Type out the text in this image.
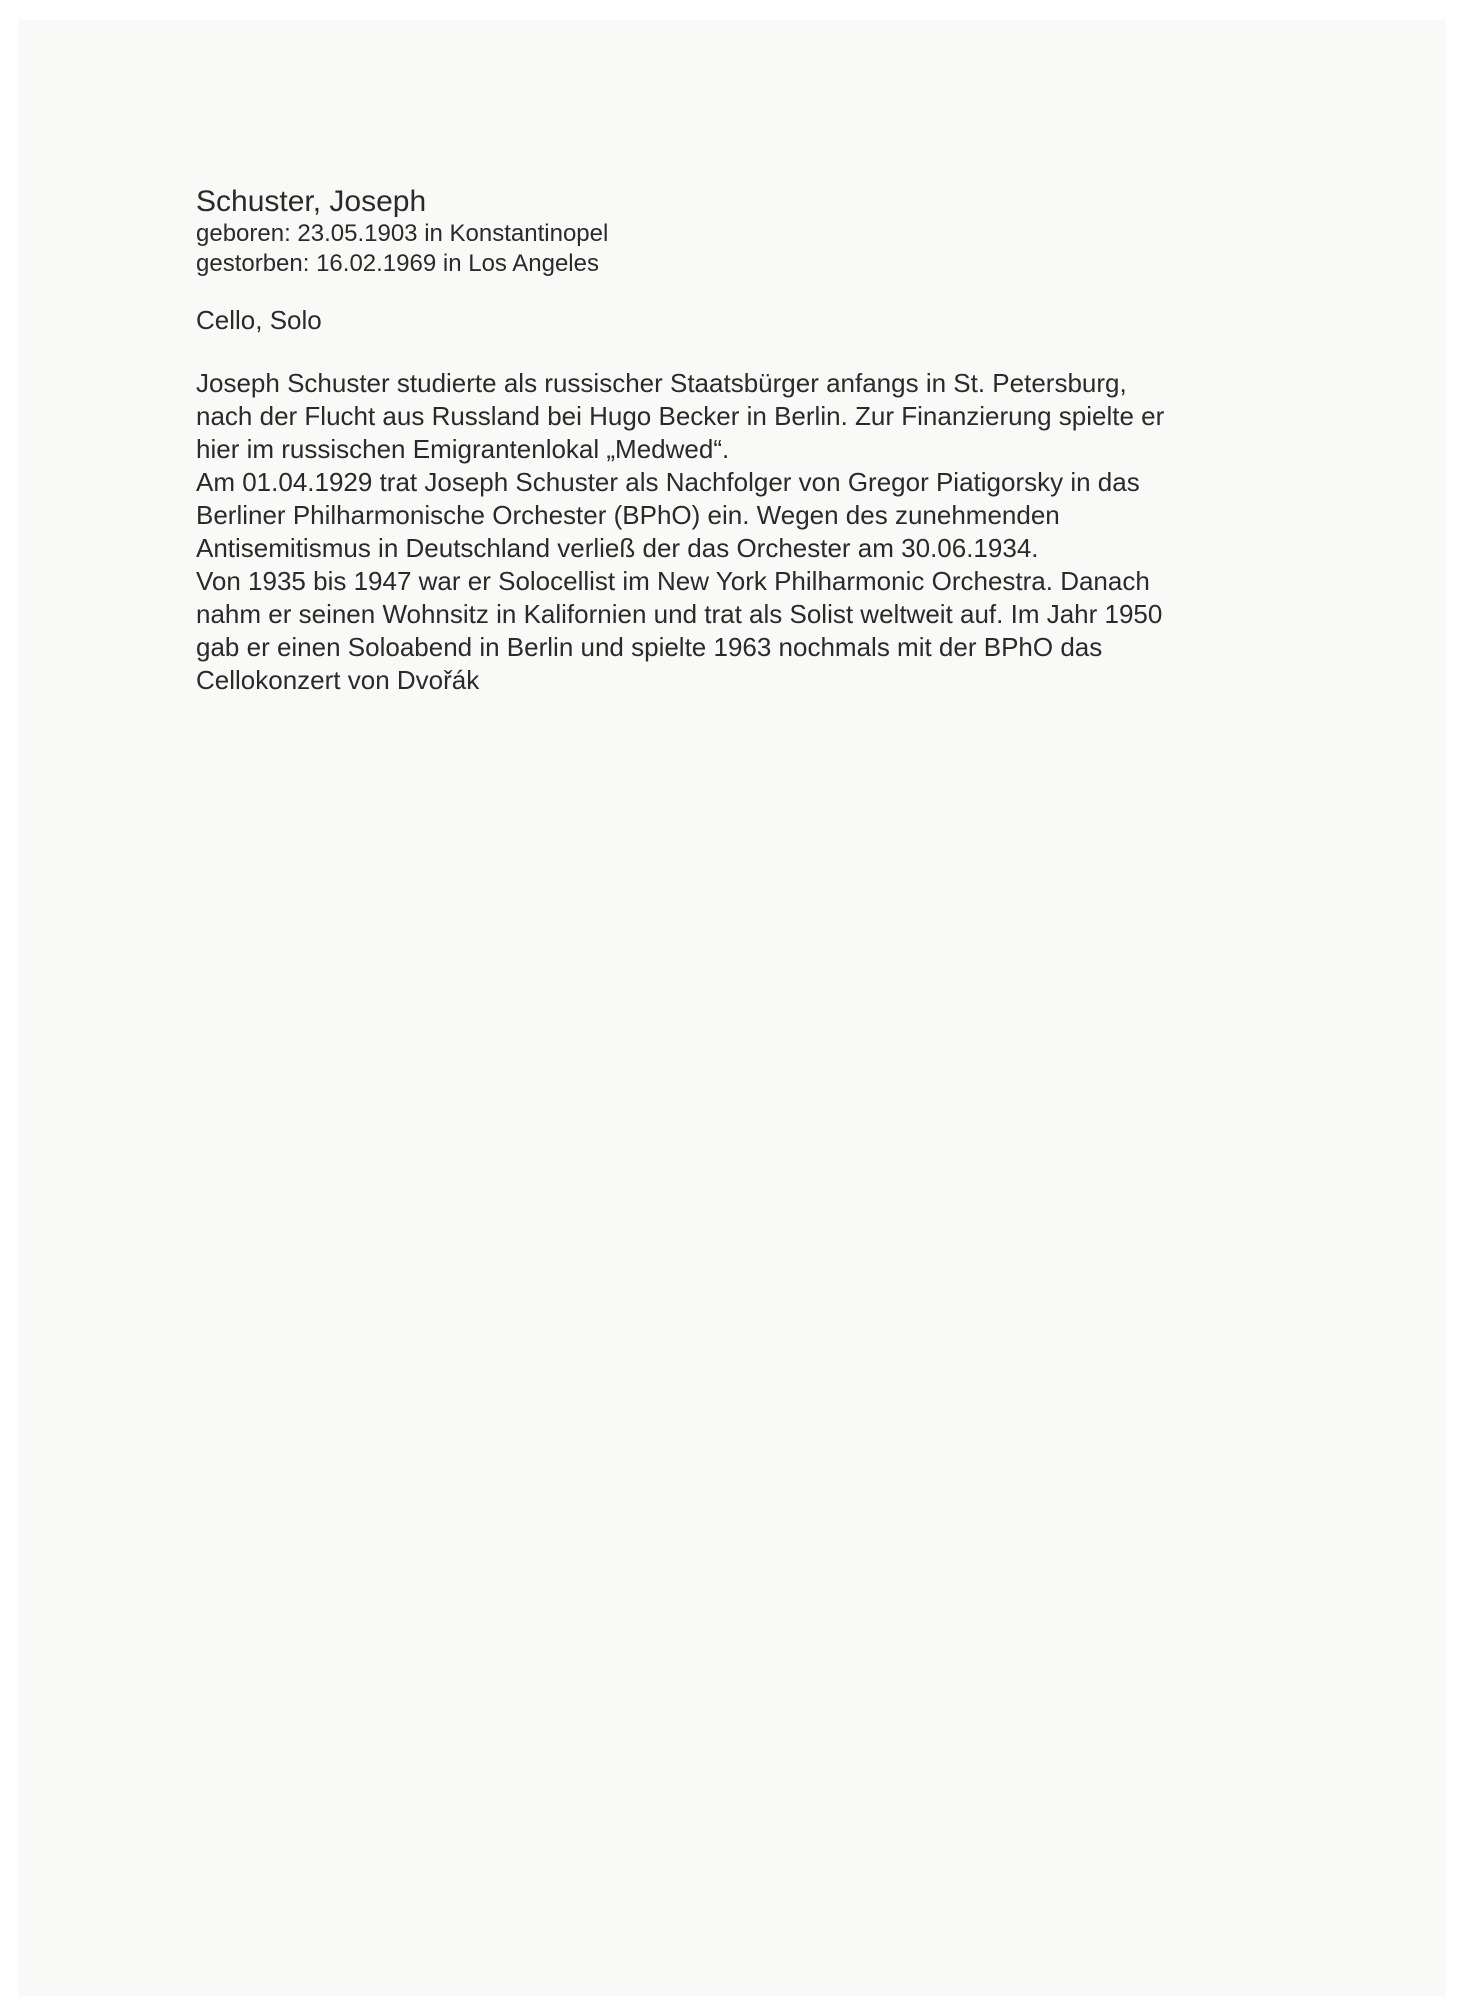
Schuster, Joseph

geboren: 23.05.1903 in Konstantinopel

gestorben: 16.02.1969 in Los Angeles

Cello, Solo

Joseph Schuster studierte als russischer Staatsbürger anfangs in St. Petersburg,
nach der Flucht aus Russland bei Hugo Becker in Berlin. Zur Finanzierung spielte er
hier im russischen Emigrantenlokal „Medwed“.
Am 01.04.1929 trat Joseph Schuster als Nachfolger von Gregor Piatigorsky in das
Berliner Philharmonische Orchester (BPhO) ein. Wegen des zunehmenden
Antisemitismus in Deutschland verließ der das Orchester am 30.06.1934.
Von 1935 bis 1947 war er Solocellist im New York Philharmonic Orchestra. Danach
nahm er seinen Wohnsitz in Kalifornien und trat als Solist weltweit auf. Im Jahr 1950
gab er einen Soloabend in Berlin und spielte 1963 nochmals mit der BPhO das
Cellokonzert von Dvořák
